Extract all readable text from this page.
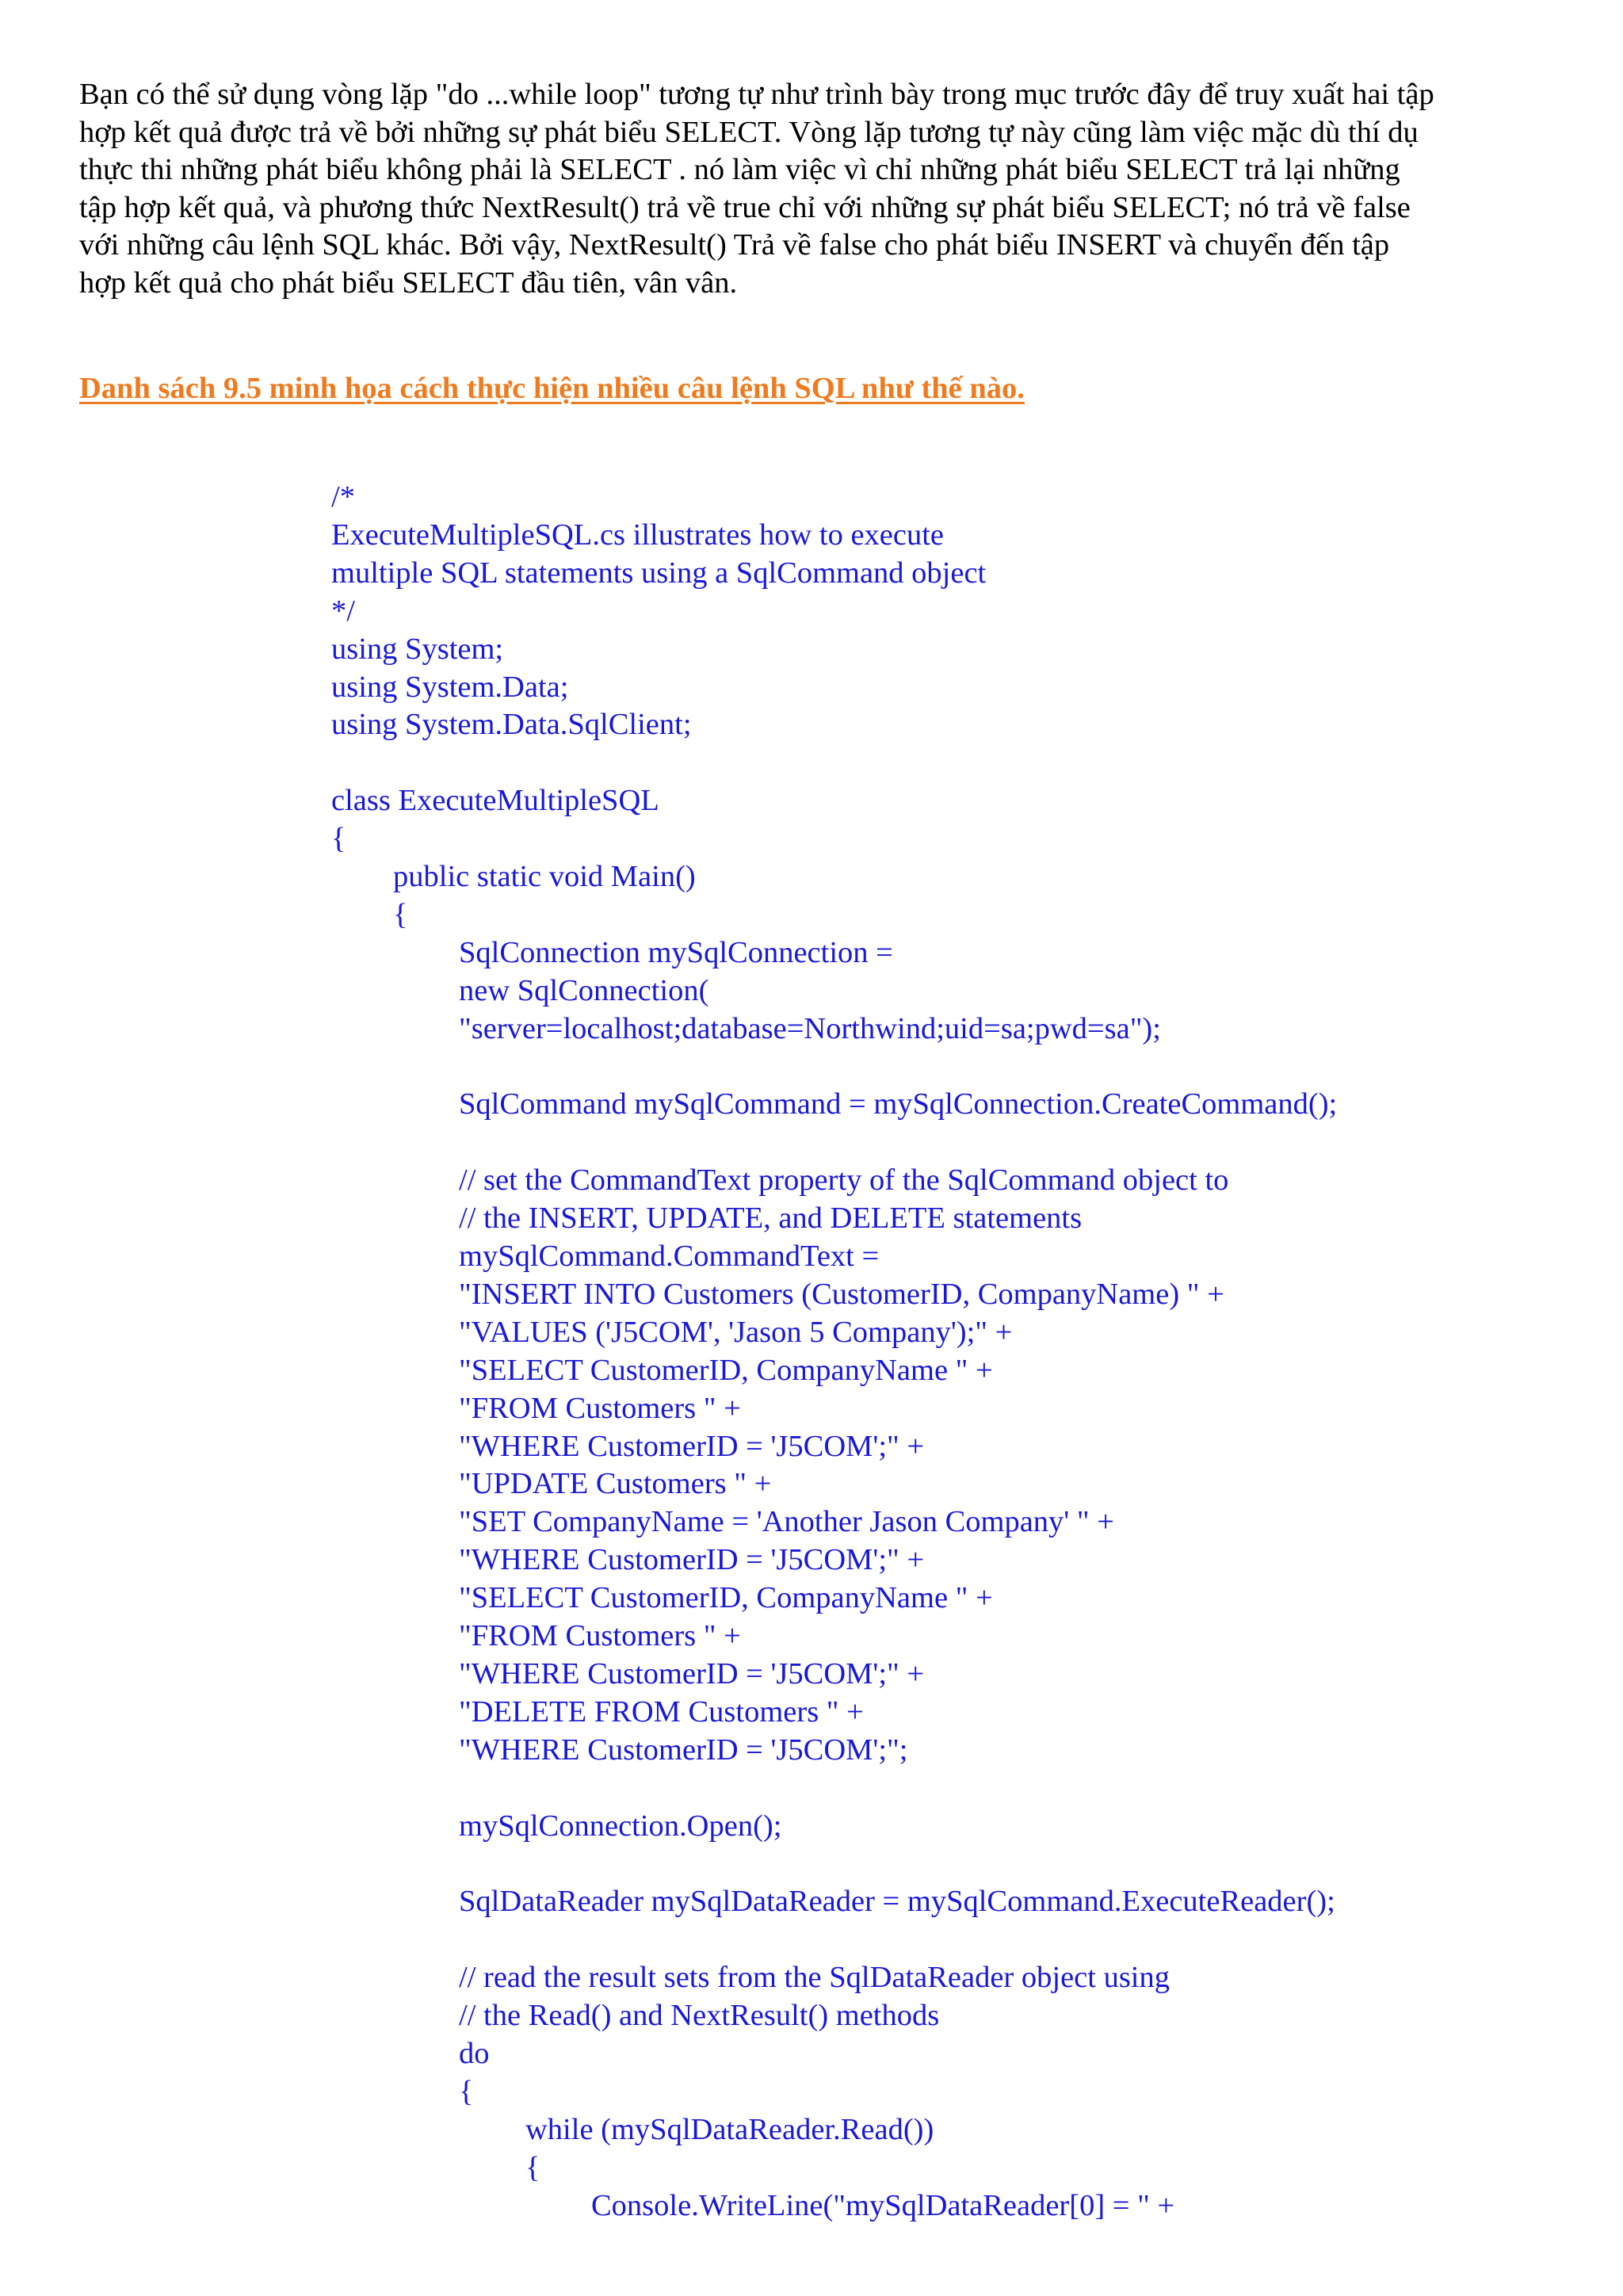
Bạn có thể sử dụng vòng lặp "do ...while loop" tương tự như trình bày trong mục trước đây để truy xuất hai tập
hợp kết quả được trả về bởi những sự phát biểu SELECT. Vòng lặp tương tự này cũng làm việc mặc dù thí dụ
thực thi những phát biểu không phải là SELECT . nó làm việc vì chỉ những phát biểu SELECT trả lại những
tập hợp kết quả, và phương thức NextResult() trả về true chỉ với những sự phát biểu SELECT; nó trả về false
với những câu lệnh SQL khác. Bởi vậy, NextResult() Trả về false cho phát biểu INSERT và chuyển đến tập
hợp kết quả cho phát biểu SELECT đầu tiên, vân vân.

Danh sách 9.5 minh họa cách thực hiện nhiều câu lệnh SQL như thế nào.

/*
ExecuteMultipleSQL.cs illustrates how to execute
multiple SQL statements using a SqlCommand object
*/
using System;
using System.Data;
using System.Data.SqlClient;
class ExecuteMultipleSQL
{
public static void Main()
{
SqlConnection mySqlConnection =
new SqlConnection(
"server=localhost;database=Northwind;uid=sa;pwd=sa");
SqlCommand mySqlCommand = mySqlConnection.CreateCommand();
// set the CommandText property of the SqlCommand object to
// the INSERT, UPDATE, and DELETE statements
mySqlCommand.CommandText =
"INSERT INTO Customers (CustomerID, CompanyName) " +
"VALUES ('J5COM', 'Jason 5 Company');" +
"SELECT CustomerID, CompanyName " +
"FROM Customers " +
"WHERE CustomerID = 'J5COM';" +
"UPDATE Customers " +
"SET CompanyName = 'Another Jason Company' " +
"WHERE CustomerID = 'J5COM';" +
"SELECT CustomerID, CompanyName " +
"FROM Customers " +
"WHERE CustomerID = 'J5COM';" +
"DELETE FROM Customers " +
"WHERE CustomerID = 'J5COM';";
mySqlConnection.Open();
SqlDataReader mySqlDataReader = mySqlCommand.ExecuteReader();
// read the result sets from the SqlDataReader object using
// the Read() and NextResult() methods
do
{
while (mySqlDataReader.Read())
{
Console.WriteLine("mySqlDataReader[0] = " +
